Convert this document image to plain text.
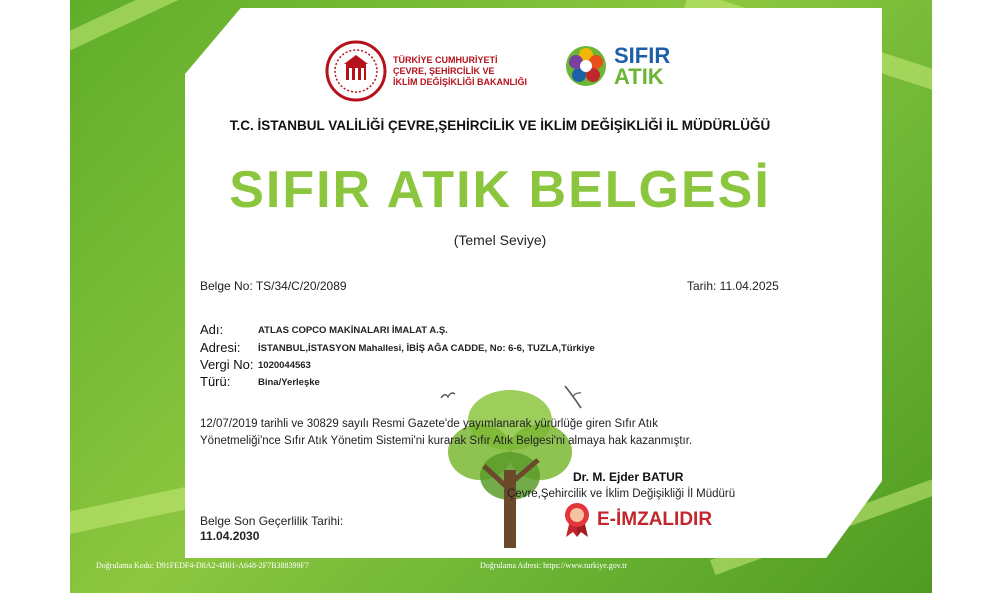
TÜRKİYE CUMHURİYETİ
ÇEVRE, ŞEHİRCİLİK VE
İKLİM DEĞİŞİKLİĞİ BAKANLIĞI
SIFIR
ATIK
T.C. İSTANBUL VALİLİĞİ ÇEVRE,ŞEHİRCİLİK VE İKLİM DEĞİŞİKLİĞİ İL MÜDÜRLÜĞÜ
SIFIR ATIK BELGESİ
(Temel Seviye)
Belge No: TS/34/C/20/2089	Tarih: 11.04.2025
Adı:	ATLAS COPCO MAKİNALARI İMALAT A.Ş.
Adresi: İSTANBUL,İSTASYON Mahallesi, İBİŞ AĞA CADDE, No: 6-6, TUZLA,Türkiye
Vergi No: 1020044563
Türü:	Bina/Yerleşke
12/07/2019 tarihli ve 30829 sayılı Resmi Gazete'de yayımlanarak yürürlüğe giren Sıfır Atık
Yönetmeliği'nce Sıfır Atık Yönetim Sistemi'ni kurarak Sıfır Atık Belgesi'ni almaya hak kazanmıştır.
Dr. M. Ejder BATUR
Çevre,Şehircilik ve İklim Değişikliği İl Müdürü
E-İMZALIDIR
Belge Son Geçerlilik Tarihi:
11.04.2030
Doğrulama Kodu: D91FEDF4-D8A2-4B01-A648-2F7B388399F7	Doğrulama Adresi: https://www.turkiye.gov.tr
